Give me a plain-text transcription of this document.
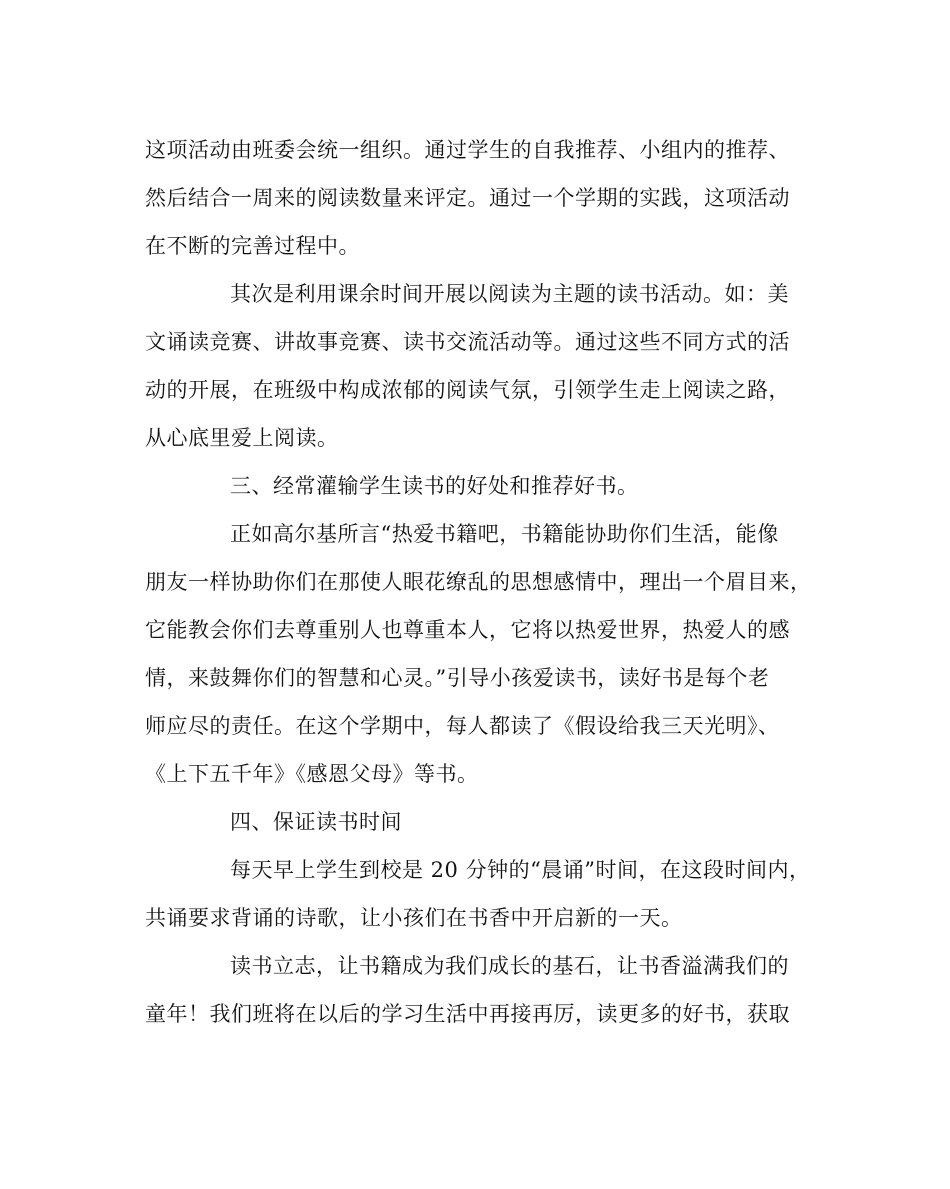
这项活动由班委会统一组织。通过学生的自我推荐、小组内的推荐、
然后结合一周来的阅读数量来评定。通过一个学期的实践，这项活动
在不断的完善过程中。
其次是利用课余时间开展以阅读为主题的读书活动。如：美
文诵读竞赛、讲故事竞赛、读书交流活动等。通过这些不同方式的活
动的开展，在班级中构成浓郁的阅读气氛，引领学生走上阅读之路，
从心底里爱上阅读。
三、经常灌输学生读书的好处和推荐好书。
正如高尔基所言“热爱书籍吧，书籍能协助你们生活，能像
朋友一样协助你们在那使人眼花缭乱的思想感情中，理出一个眉目来，
它能教会你们去尊重别人也尊重本人，它将以热爱世界，热爱人的感
情，来鼓舞你们的智慧和心灵。”引导小孩爱读书，读好书是每个老
师应尽的责任。在这个学期中，每人都读了《假设给我三天光明》、
《上下五千年》《感恩父母》等书。
四、保证读书时间
每天早上学生到校是 20 分钟的“晨诵”时间，在这段时间内，
共诵要求背诵的诗歌，让小孩们在书香中开启新的一天。
读书立志，让书籍成为我们成长的基石，让书香溢满我们的
童年！我们班将在以后的学习生活中再接再厉，读更多的好书，获取
